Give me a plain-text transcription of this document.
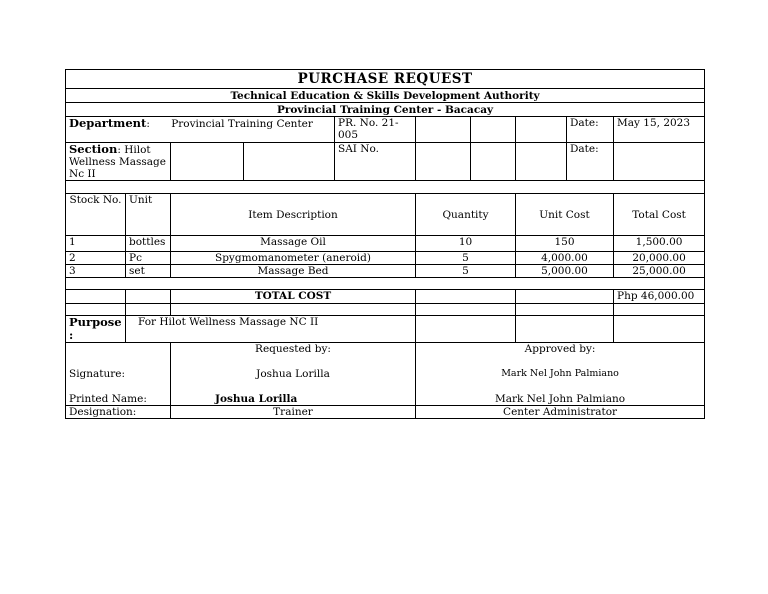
PURCHASE REQUEST									
Technical Education & Skills Development Authority									
Provincial Training Center - Bacacay									
Department: Provincial Training Center				PR. No. 21-005				Date:	May 15, 2023
Section: Hilot Wellness Massage Nc II				SAI No.				Date:	

Stock No.	Unit	Item Description			Quantity		Unit Cost		Total Cost
1	bottles	Massage Oil			10		150		1,500.00
2	Pc	Spygmomanometer (aneroid)			5		4,000.00		20,000.00
3	set	Massage Bed			5		5,000.00		25,000.00

		TOTAL COST							Php 46,000.00

Purpose :	For Hilot Wellness Massage NC II								
		Requested by:			Approved by:				
Signature:		Joshua Lorilla			Mark Nel John Palmiano				
Printed Name:		Joshua Lorilla			Mark Nel John Palmiano				
Designation:		Trainer			Center Administrator				
